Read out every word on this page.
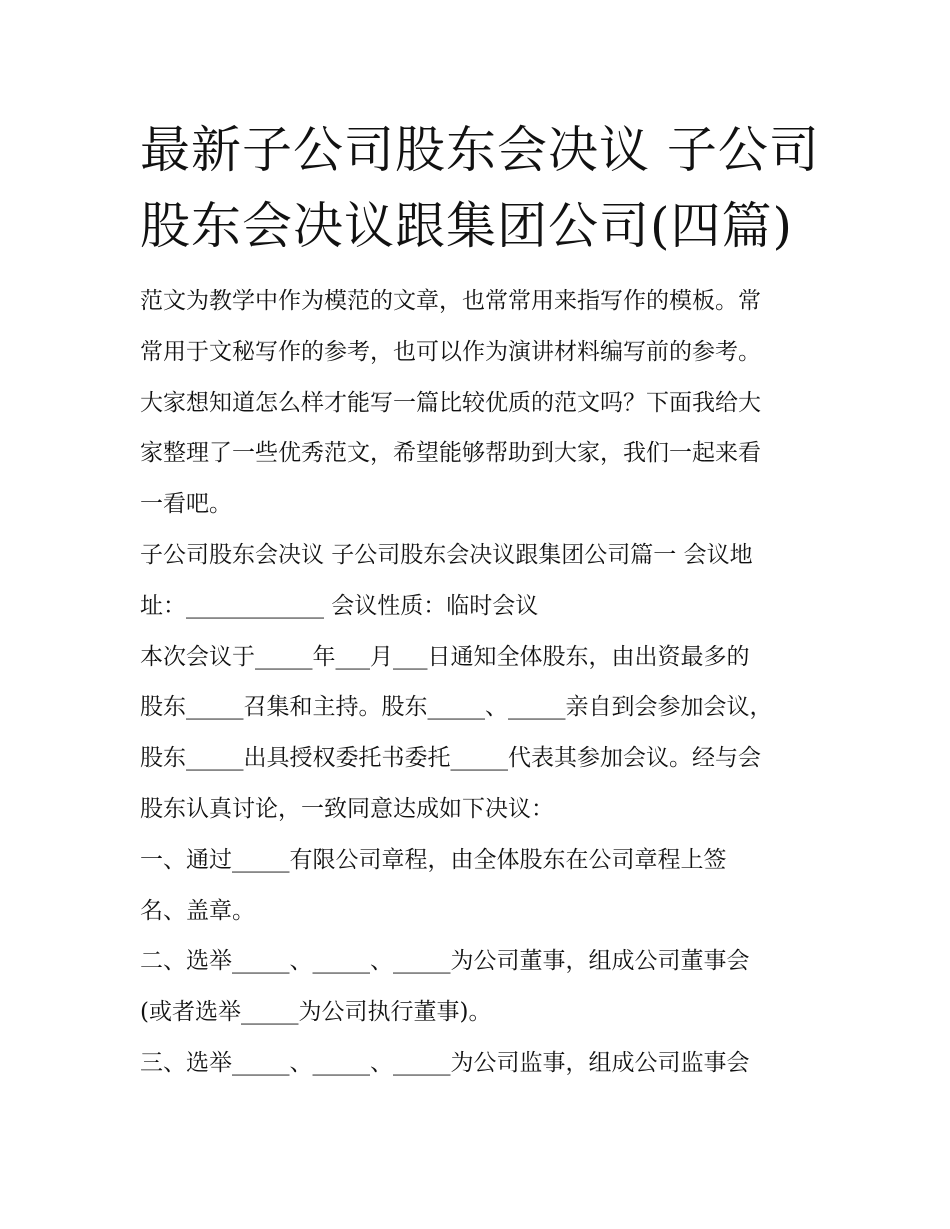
最新子公司股东会决议 子公司
股东会决议跟集团公司(四篇)

范文为教学中作为模范的文章，也常常用来指写作的模板。常

常用于文秘写作的参考，也可以作为演讲材料编写前的参考。

大家想知道怎么样才能写一篇比较优质的范文吗？下面我给大

家整理了一些优秀范文，希望能够帮助到大家，我们一起来看

一看吧。

子公司股东会决议 子公司股东会决议跟集团公司篇一 会议地

址：____________ 会议性质：临时会议

本次会议于_____年___月___日通知全体股东，由出资最多的

股东_____召集和主持。股东_____、_____亲自到会参加会议，

股东_____出具授权委托书委托_____代表其参加会议。经与会

股东认真讨论，一致同意达成如下决议：

一、通过_____有限公司章程，由全体股东在公司章程上签

名、盖章。

二、选举_____、_____、_____为公司董事，组成公司董事会

(或者选举_____为公司执行董事)。

三、选举_____、_____、_____为公司监事，组成公司监事会
